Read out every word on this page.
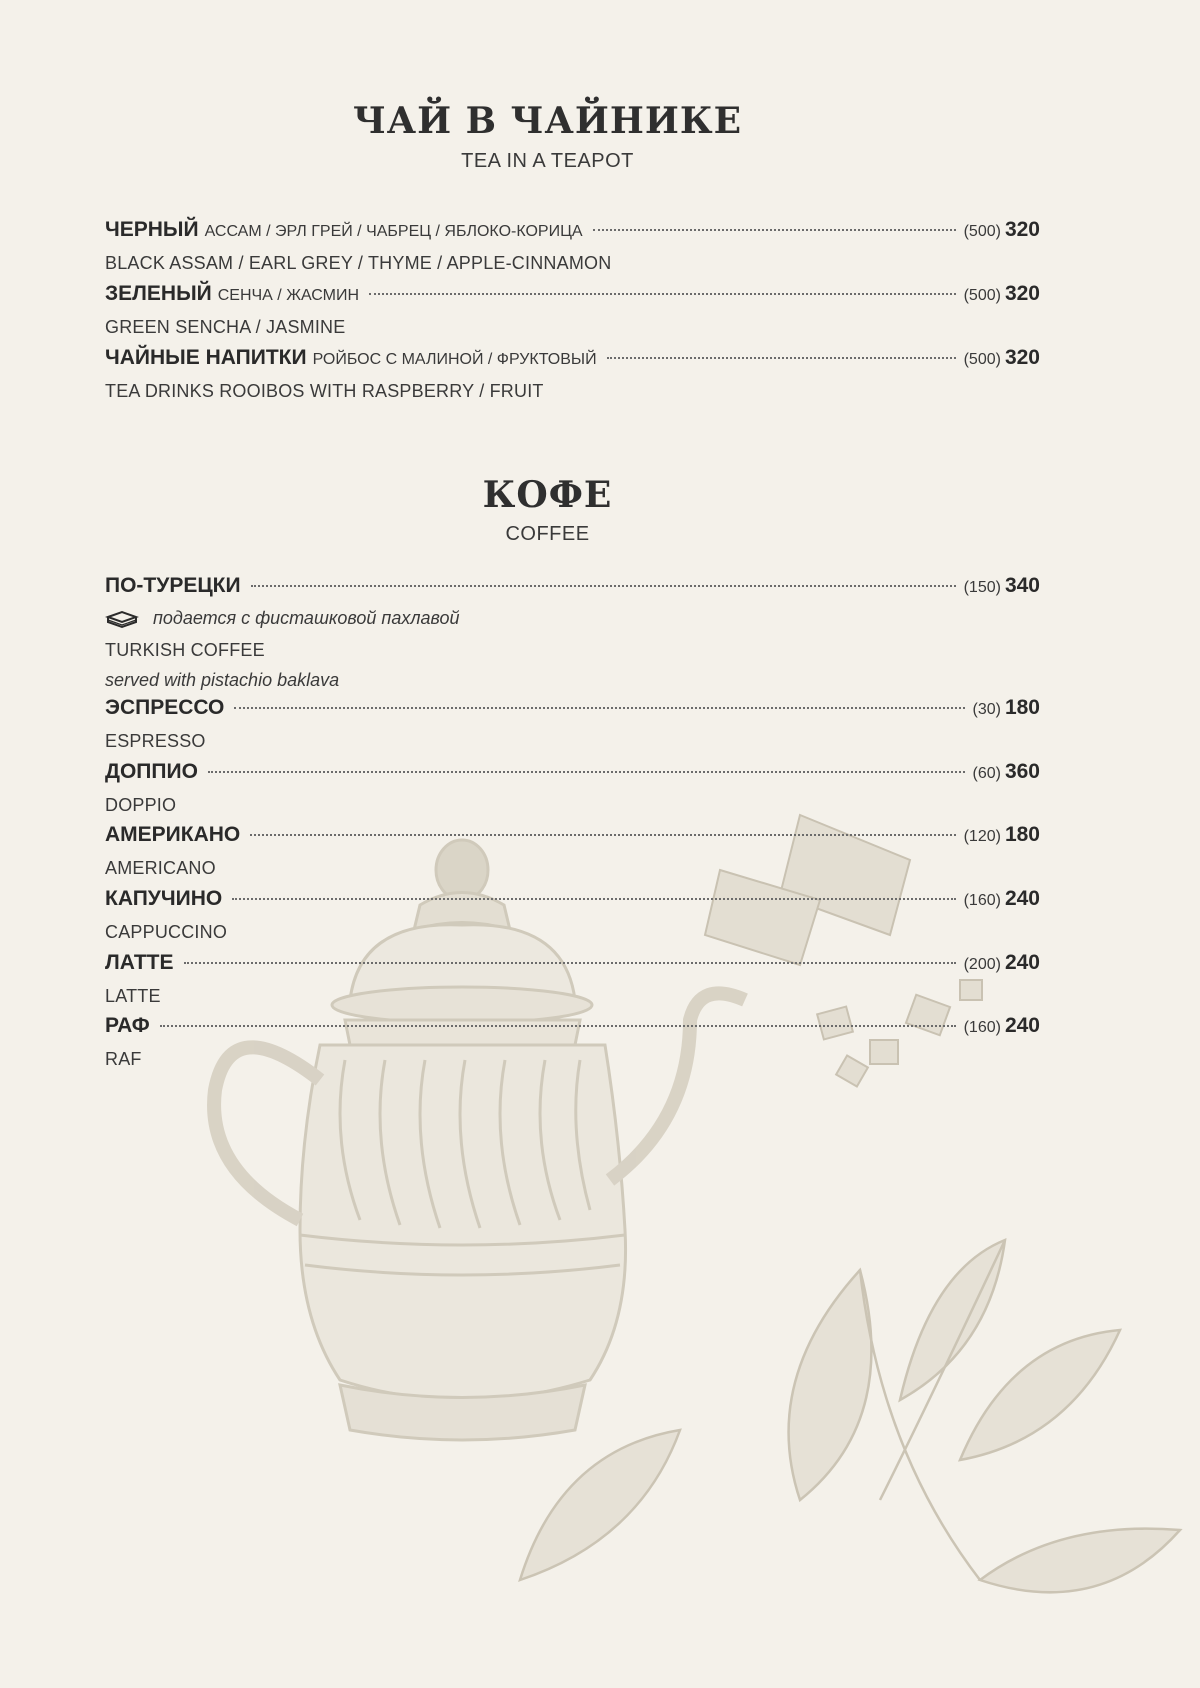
ЧАЙ В ЧАЙНИКЕ
TEA IN A TEAPOT
ЧЕРНЫЙ АССАМ / ЭРЛ ГРЕЙ / ЧАБРЕЦ / ЯБЛОКО-КОРИЦА	(500) 320
BLACK ASSAM / EARL GREY / THYME / APPLE-CINNAMON
ЗЕЛЕНЫЙ СЕНЧА / ЖАСМИН	(500) 320
GREEN SENCHA / JASMINE
ЧАЙНЫЕ НАПИТКИ РОЙБОС С МАЛИНОЙ / ФРУКТОВЫЙ	(500) 320
TEA DRINKS ROOIBOS WITH RASPBERRY / FRUIT
КОФЕ
COFFEE
ПО-ТУРЕЦКИ	(150) 340
подается с фисташковой пахлавой
TURKISH COFFEE
served with pistachio baklava
ЭСПРЕССО	(30) 180
ESPRESSO
ДОППИО	(60) 360
DOPPIO
АМЕРИКАНО	(120) 180
AMERICANO
КАПУЧИНО	(160) 240
CAPPUCCINO
ЛАТТЕ	(200) 240
LATTE
РАФ	(160) 240
RAF
